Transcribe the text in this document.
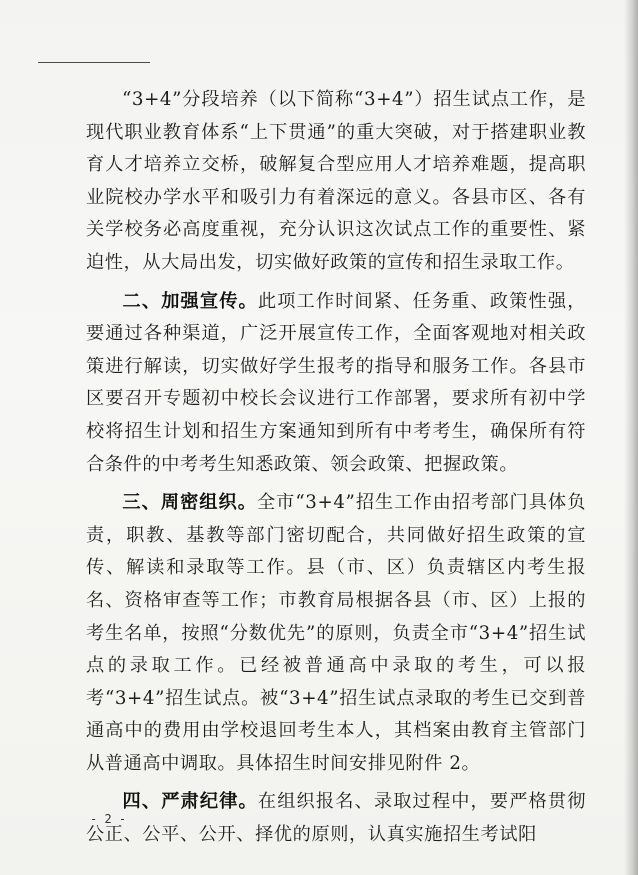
“3+4”分段培养（以下简称“3+4”）招生试点工作，是现代职业教育体系“上下贯通”的重大突破，对于搭建职业教育人才培养立交桥，破解复合型应用人才培养难题，提高职业院校办学水平和吸引力有着深远的意义。各县市区、各有关学校务必高度重视，充分认识这次试点工作的重要性、紧迫性，从大局出发，切实做好政策的宣传和招生录取工作。

二、加强宣传。此项工作时间紧、任务重、政策性强，要通过各种渠道，广泛开展宣传工作，全面客观地对相关政策进行解读，切实做好学生报考的指导和服务工作。各县市区要召开专题初中校长会议进行工作部署，要求所有初中学校将招生计划和招生方案通知到所有中考考生，确保所有符合条件的中考考生知悉政策、领会政策、把握政策。

三、周密组织。全市“3+4”招生工作由招考部门具体负责，职教、基教等部门密切配合，共同做好招生政策的宣传、解读和录取等工作。县（市、区）负责辖区内考生报名、资格审查等工作；市教育局根据各县（市、区）上报的考生名单，按照“分数优先”的原则，负责全市“3+4”招生试点的录取工作。已经被普通高中录取的考生，可以报考“3+4”招生试点。被“3+4”招生试点录取的考生已交到普通高中的费用由学校退回考生本人，其档案由教育主管部门从普通高中调取。具体招生时间安排见附件 2。

四、严肃纪律。在组织报名、录取过程中，要严格贯彻公正、公平、公开、择优的原则，认真实施招生考试阳

- 2 -
